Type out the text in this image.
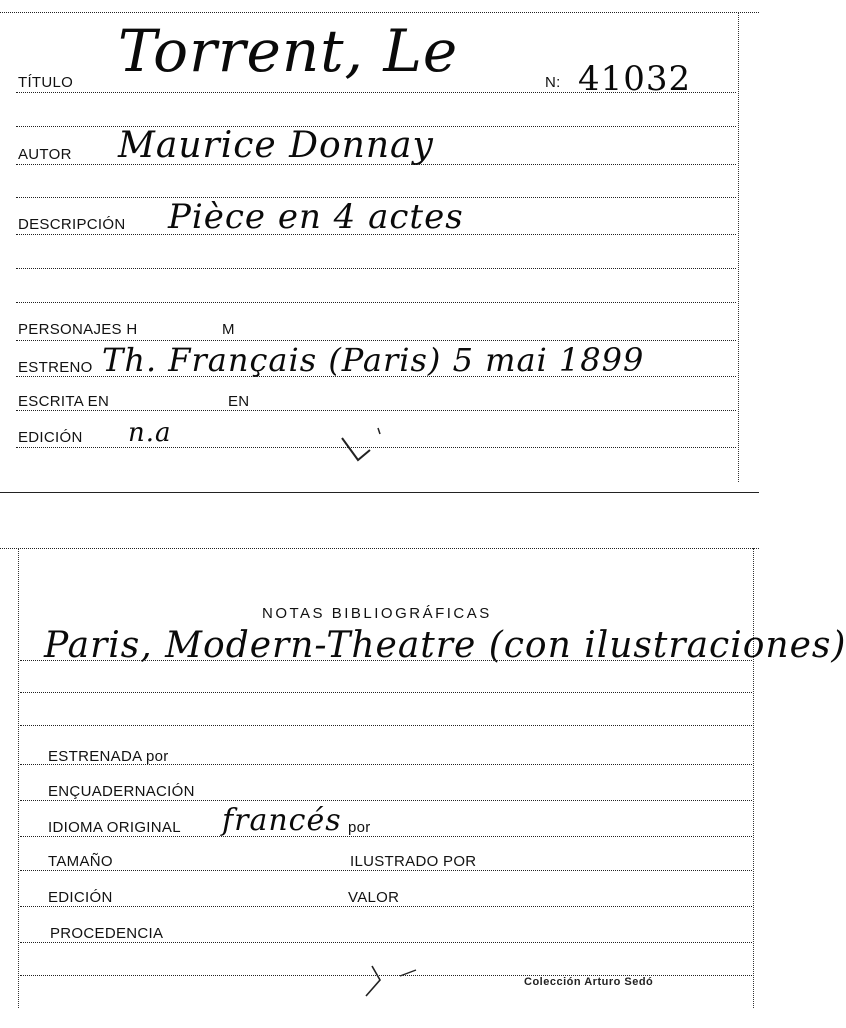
TÍTULO Torrent, Le	N: 41032
AUTOR Maurice Donnay
DESCRIPCIÓN Pièce en 4 actes
PERSONAJES H	M
ESTRENO Th. Français (Paris) 5 mai 1899
ESCRITA EN	EN
EDICIÓN n.a
NOTAS BIBLIOGRÁFICAS
Paris, Modern-Theatre (con ilustraciones)
ESTRENADA por
ENÇUADERNACIÓN
IDIOMA ORIGINAL francés por
TAMAÑO	ILUSTRADO POR
EDICIÓN	VALOR
PROCEDENCIA
Colección Arturo Sedó
